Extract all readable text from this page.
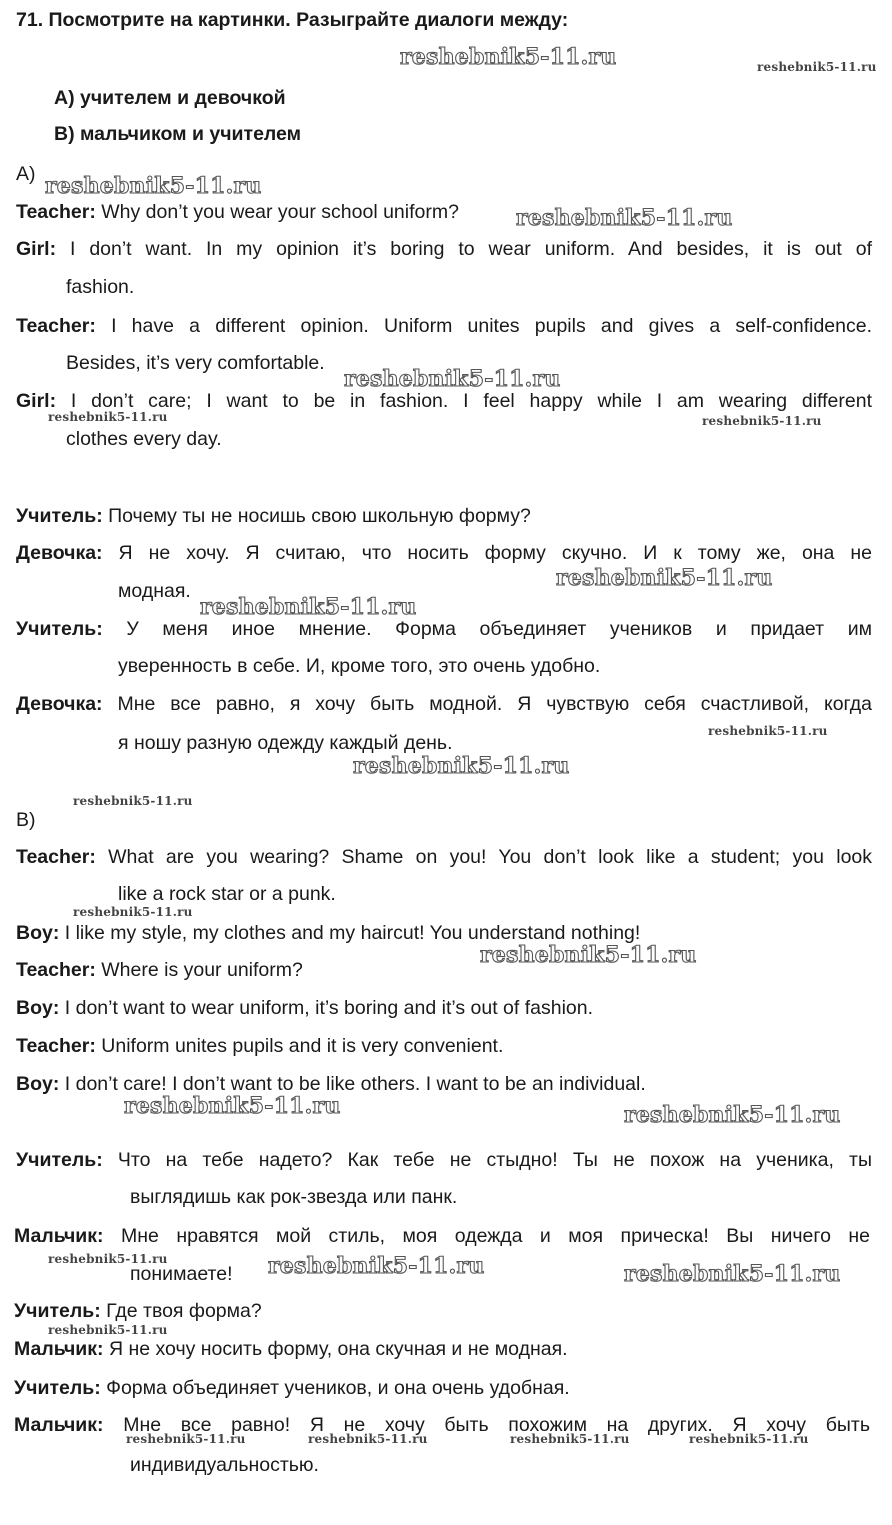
71. Посмотрите на картинки. Разыграйте диалоги между:
А) учителем и девочкой
В) мальчиком и учителем
А)
Teacher: Why don’t you wear your school uniform?
Girl: I don’t want. In my opinion it’s boring to wear uniform. And besides, it is out of
fashion.
Teacher: I have a different opinion. Uniform unites pupils and gives a self-confidence.
Besides, it’s very comfortable.
Girl: I don’t care; I want to be in fashion. I feel happy while I am wearing different
clothes every day.
Учитель: Почему ты не носишь свою школьную форму?
Девочка: Я не хочу. Я считаю, что носить форму скучно. И к тому же, она не
модная.
Учитель: У меня иное мнение. Форма объединяет учеников и придает им
уверенность в себе. И, кроме того, это очень удобно.
Девочка: Мне все равно, я хочу быть модной. Я чувствую себя счастливой, когда
я ношу разную одежду каждый день.
B)
Teacher: What are you wearing? Shame on you! You don’t look like a student; you look
like a rock star or a punk.
Boy: I like my style, my clothes and my haircut! You understand nothing!
Teacher: Where is your uniform?
Boy: I don’t want to wear uniform, it’s boring and it’s out of fashion.
Teacher: Uniform unites pupils and it is very convenient.
Boy: I don’t care! I don’t want to be like others. I want to be an individual.
Учитель: Что на тебе надето? Как тебе не стыдно! Ты не похож на ученика, ты
выглядишь как рок-звезда или панк.
Мальчик: Мне нравятся мой стиль, моя одежда и моя прическа! Вы ничего не
понимаете!
Учитель: Где твоя форма?
Мальчик: Я не хочу носить форму, она скучная и не модная.
Учитель: Форма объединяет учеников, и она очень удобная.
Мальчик: Мне все равно! Я не хочу быть похожим на других. Я хочу быть
индивидуальностью.
reshebnik5-11.ru	reshebnik5-11.ru
reshebnik5-11.ru
reshebnik5-11.ru
reshebnik5-11.ru
reshebnik5-11.ru	reshebnik5-11.ru
reshebnik5-11.ru
reshebnik5-11.ru
reshebnik5-11.ru
reshebnik5-11.ru
reshebnik5-11.ru
reshebnik5-11.ru
reshebnik5-11.ru
reshebnik5-11.ru	reshebnik5-11.ru
reshebnik5-11.ru	reshebnik5-11.ru	reshebnik5-11.ru
reshebnik5-11.ru
reshebnik5-11.ru	reshebnik5-11.ru	reshebnik5-11.ru	reshebnik5-11.ru
